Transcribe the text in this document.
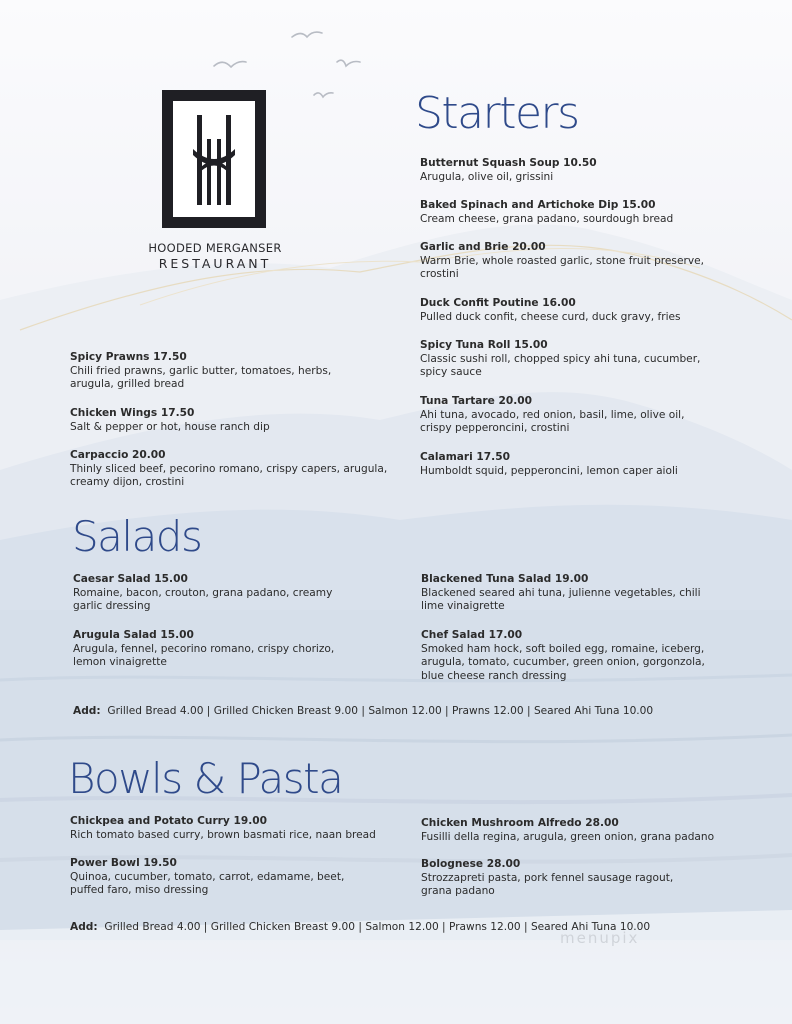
HOODED MERGANSER
RESTAURANT
Starters
Butternut Squash Soup 10.50
Arugula, olive oil, grissini
Baked Spinach and Artichoke Dip 15.00
Cream cheese, grana padano, sourdough bread
Garlic and Brie 20.00
Warm Brie, whole roasted garlic, stone fruit preserve, crostini
Duck Confit Poutine 16.00
Pulled duck confit, cheese curd, duck gravy, fries
Spicy Tuna Roll 15.00
Classic sushi roll, chopped spicy ahi tuna, cucumber, spicy sauce
Tuna Tartare 20.00
Ahi tuna, avocado, red onion, basil, lime, olive oil, crispy pepperoncini, crostini
Calamari 17.50
Humboldt squid, pepperoncini, lemon caper aioli
Spicy Prawns 17.50
Chili fried prawns, garlic butter, tomatoes, herbs, arugula, grilled bread
Chicken Wings 17.50
Salt & pepper or hot, house ranch dip
Carpaccio 20.00
Thinly sliced beef, pecorino romano, crispy capers, arugula, creamy dijon, crostini
Salads
Caesar Salad 15.00
Romaine, bacon, crouton, grana padano, creamy garlic dressing
Arugula Salad 15.00
Arugula, fennel, pecorino romano, crispy chorizo, lemon vinaigrette
Blackened Tuna Salad 19.00
Blackened seared ahi tuna, julienne vegetables, chili lime vinaigrette
Chef Salad 17.00
Smoked ham hock, soft boiled egg, romaine, iceberg, arugula, tomato, cucumber, green onion, gorgonzola, blue cheese ranch dressing
Add: Grilled Bread 4.00 | Grilled Chicken Breast 9.00 | Salmon 12.00 | Prawns 12.00 | Seared Ahi Tuna 10.00
Bowls & Pasta
Chickpea and Potato Curry 19.00
Rich tomato based curry, brown basmati rice, naan bread
Power Bowl 19.50
Quinoa, cucumber, tomato, carrot, edamame, beet, puffed faro, miso dressing
Chicken Mushroom Alfredo 28.00
Fusilli della regina, arugula, green onion, grana padano
Bolognese 28.00
Strozzapreti pasta, pork fennel sausage ragout, grana padano
Add: Grilled Bread 4.00 | Grilled Chicken Breast 9.00 | Salmon 12.00 | Prawns 12.00 | Seared Ahi Tuna 10.00
menupix
